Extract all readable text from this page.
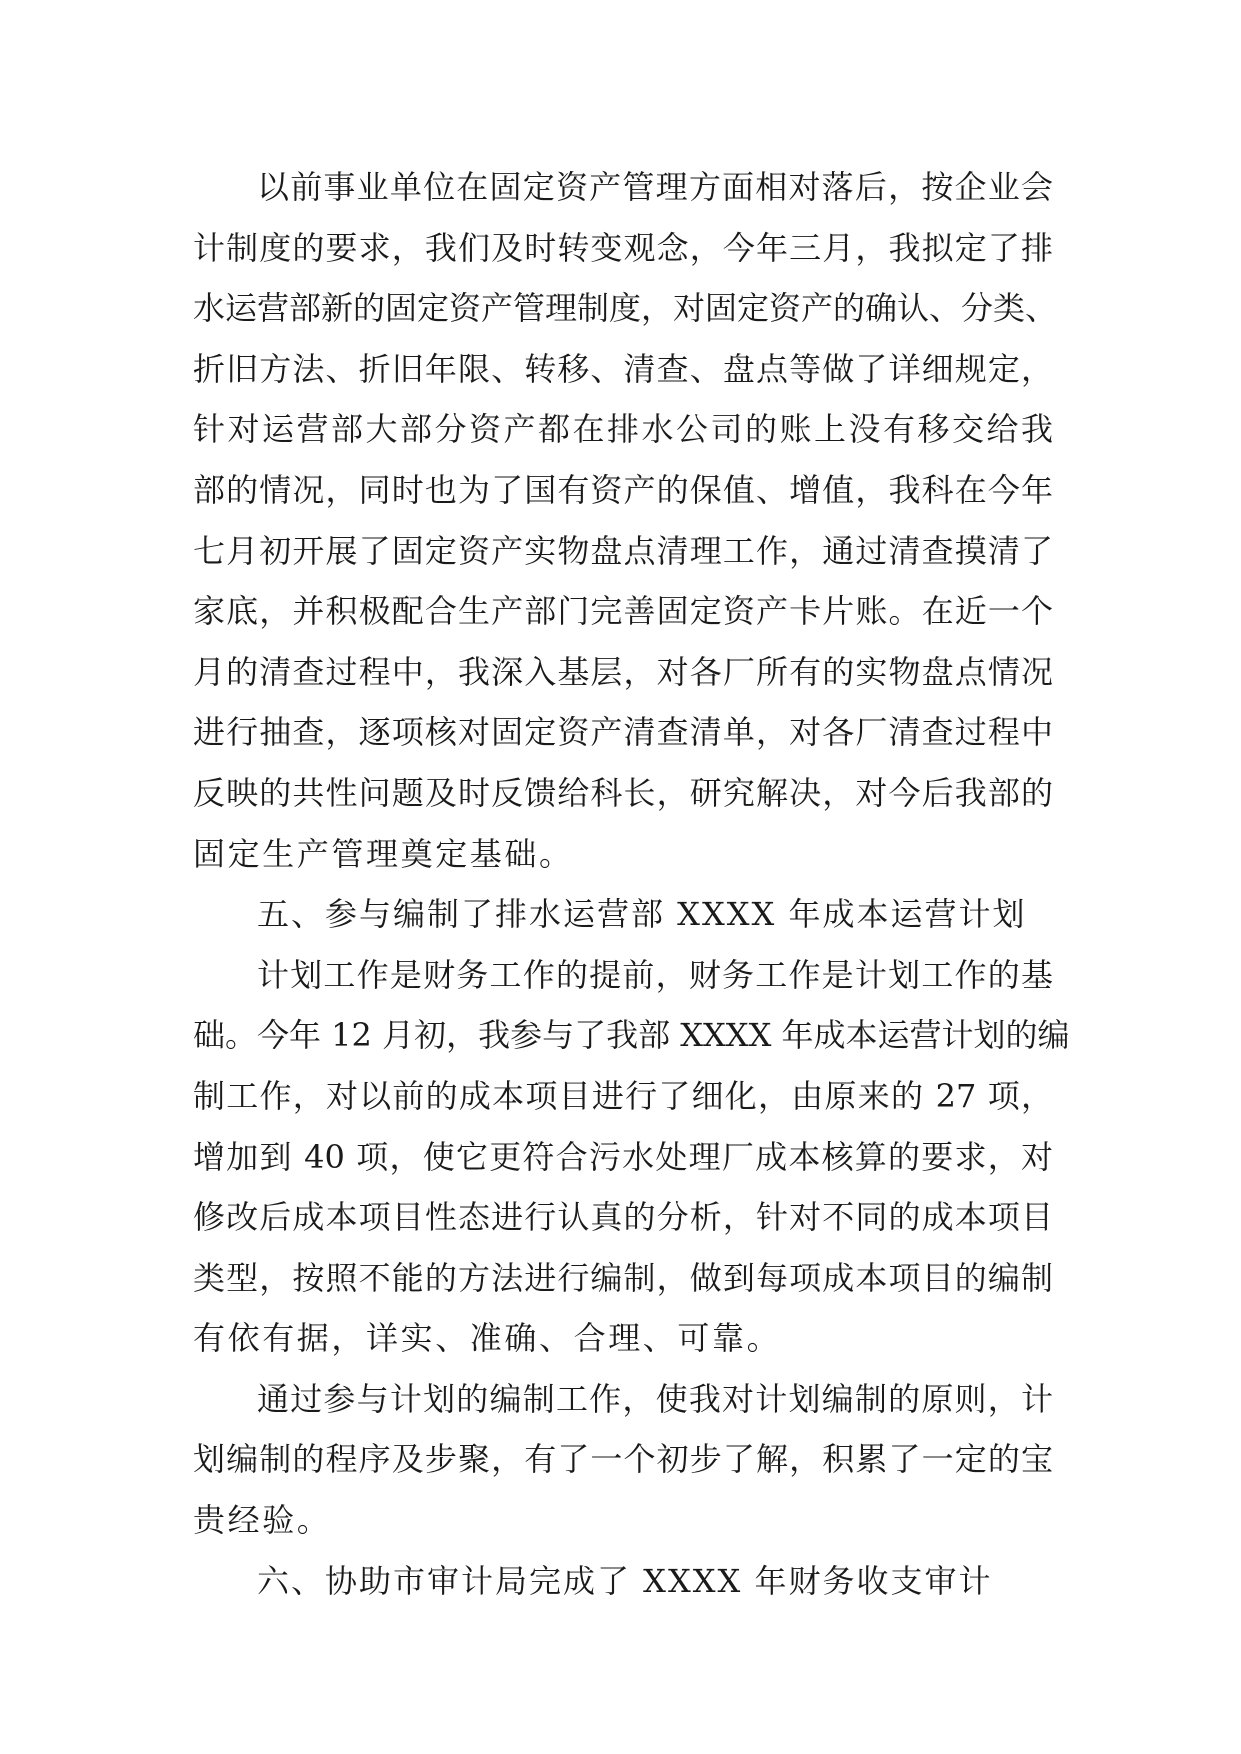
以前事业单位在固定资产管理方面相对落后，按企业会
计制度的要求，我们及时转变观念，今年三月，我拟定了排
水运营部新的固定资产管理制度，对固定资产的确认、分类、
折旧方法、折旧年限、转移、清查、盘点等做了详细规定，
针对运营部大部分资产都在排水公司的账上没有移交给我
部的情况，同时也为了国有资产的保值、增值，我科在今年
七月初开展了固定资产实物盘点清理工作，通过清查摸清了
家底，并积极配合生产部门完善固定资产卡片账。在近一个
月的清查过程中，我深入基层，对各厂所有的实物盘点情况
进行抽查，逐项核对固定资产清查清单，对各厂清查过程中
反映的共性问题及时反馈给科长，研究解决，对今后我部的
固定生产管理奠定基础。
五、参与编制了排水运营部 XXXX 年成本运营计划
计划工作是财务工作的提前，财务工作是计划工作的基
础。今年 12 月初，我参与了我部 XXXX 年成本运营计划的编
制工作，对以前的成本项目进行了细化，由原来的 27 项，
增加到 40 项，使它更符合污水处理厂成本核算的要求，对
修改后成本项目性态进行认真的分析，针对不同的成本项目
类型，按照不能的方法进行编制，做到每项成本项目的编制
有依有据，详实、准确、合理、可靠。
通过参与计划的编制工作，使我对计划编制的原则，计
划编制的程序及步聚，有了一个初步了解，积累了一定的宝
贵经验。
六、协助市审计局完成了 XXXX 年财务收支审计
